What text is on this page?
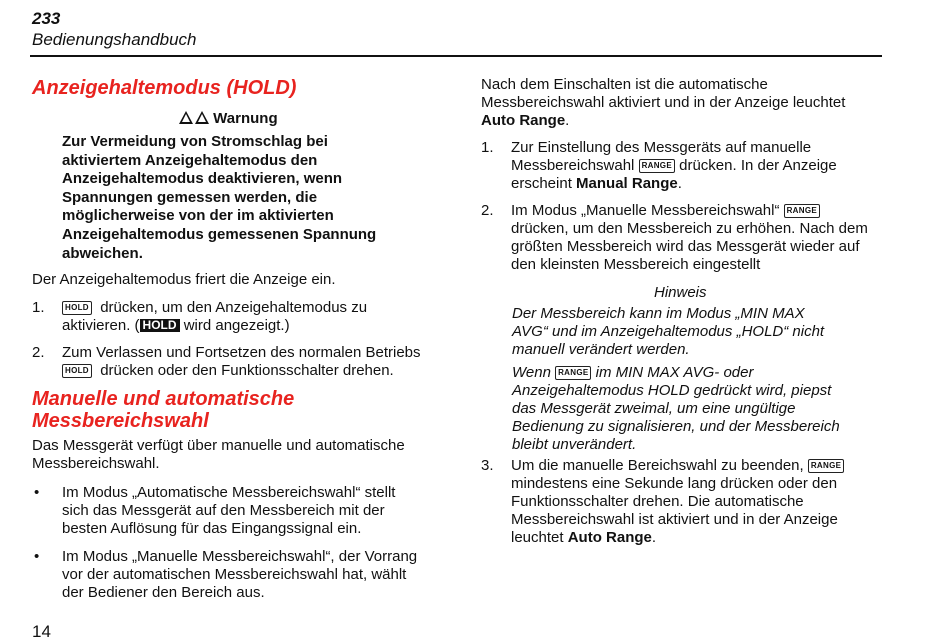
233
Bedienungshandbuch
Anzeigehaltemodus (HOLD)
Warnung
Zur Vermeidung von Stromschlag bei
aktiviertem Anzeigehaltemodus den
Anzeigehaltemodus deaktivieren, wenn
Spannungen gemessen werden, die
möglicherweise von der im aktivierten
Anzeigehaltemodus gemessenen Spannung
abweichen.
Der Anzeigehaltemodus friert die Anzeige ein.
1.	HOLD drücken, um den Anzeigehaltemodus zu
aktivieren. ( HOLD wird angezeigt.)
2. Zum Verlassen und Fortsetzen des normalen Betriebs
HOLD drücken oder den Funktionsschalter drehen.
Manuelle und automatische
Messbereichswahl
Das Messgerät verfügt über manuelle und automatische
Messbereichswahl.
• Im Modus „Automatische Messbereichswahl“ stellt
sich das Messgerät auf den Messbereich mit der
besten Auflösung für das Eingangssignal ein.
• Im Modus „Manuelle Messbereichswahl“, der Vorrang
vor der automatischen Messbereichswahl hat, wählt
der Bediener den Bereich aus.
Nach dem Einschalten ist die automatische
Messbereichswahl aktiviert und in der Anzeige leuchtet
Auto Range.
1. Zur Einstellung des Messgeräts auf manuelle
Messbereichswahl RANGE drücken. In der Anzeige
erscheint Manual Range.
2. Im Modus „Manuelle Messbereichswahl“ RANGE
drücken, um den Messbereich zu erhöhen. Nach dem
größten Messbereich wird das Messgerät wieder auf
den kleinsten Messbereich eingestellt
Hinweis
Der Messbereich kann im Modus „MIN MAX
AVG“ und im Anzeigehaltemodus „HOLD“ nicht
manuell verändert werden.
Wenn RANGE im MIN MAX AVG- oder
Anzeigehaltemodus HOLD gedrückt wird, piepst
das Messgerät zweimal, um eine ungültige
Bedienung zu signalisieren, und der Messbereich
bleibt unverändert.
3. Um die manuelle Bereichswahl zu beenden, RANGE
mindestens eine Sekunde lang drücken oder den
Funktionsschalter drehen. Die automatische
Messbereichswahl ist aktiviert und in der Anzeige
leuchtet Auto Range.
14
